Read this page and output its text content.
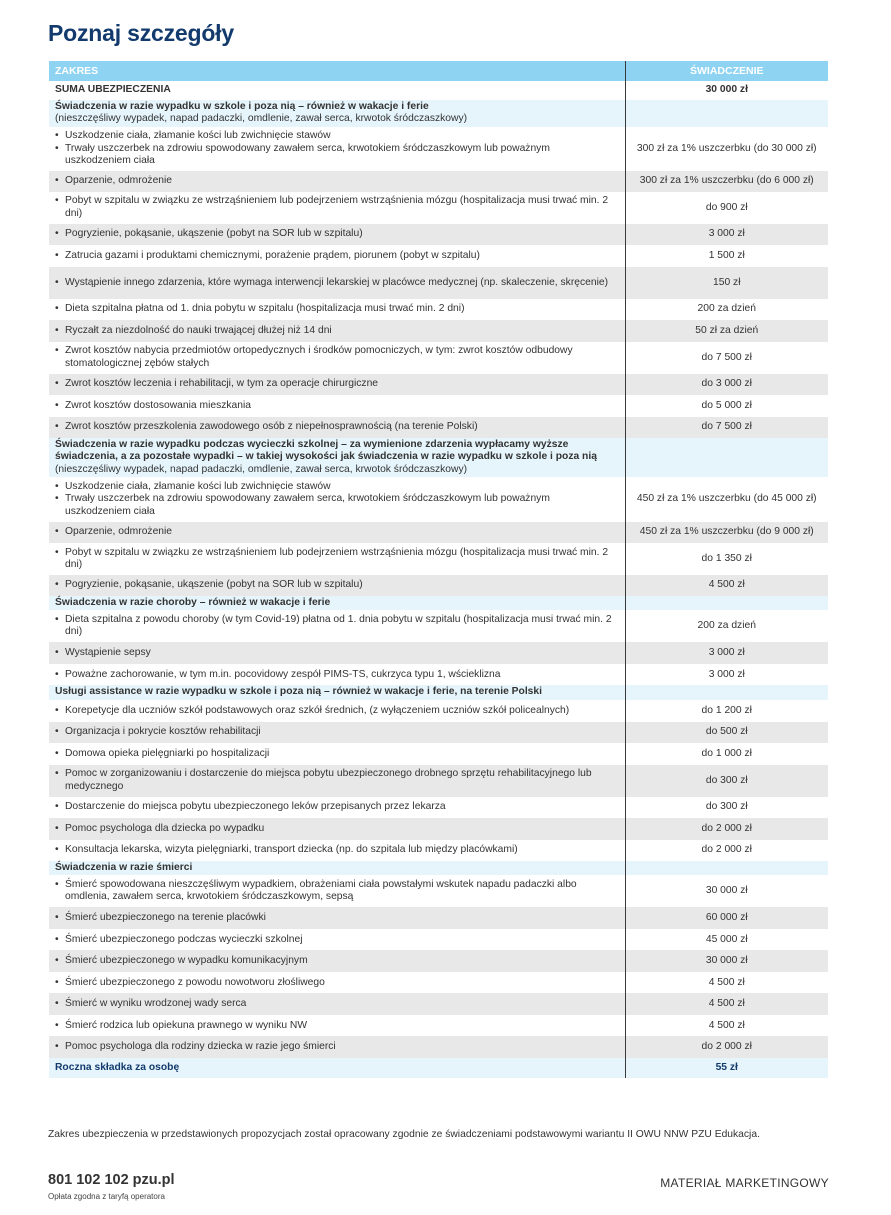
Poznaj szczegóły
ZAKRES	ŚWIADCZENIE
SUMA UBEZPIECZENIA	30 000 zł

Świadczenia w razie wypadku w szkole i poza nią – również w wakacje i ferie
(nieszczęśliwy wypadek, napad padaczki, omdlenie, zawał serca, krwotok śródczaszkowy)	

• Uszkodzenie ciała, złamanie kości lub zwichnięcie stawów
• Trwały uszczerbek na zdrowiu spowodowany zawałem serca, krwotokiem śródczaszkowym lub poważnym uszkodzeniem ciała	300 zł za 1% uszczerbku (do 30 000 zł)

• Oparzenie, odmrożenie	300 zł za 1% uszczerbku (do 6 000 zł)

• Pobyt w szpitalu w związku ze wstrząśnieniem lub podejrzeniem wstrząśnienia mózgu (hospitalizacja musi trwać min. 2 dni)	do 900 zł

• Pogryzienie, pokąsanie, ukąszenie (pobyt na SOR lub w szpitalu)	3 000 zł

• Zatrucia gazami i produktami chemicznymi, porażenie prądem, piorunem (pobyt w szpitalu)	1 500 zł

• Wystąpienie innego zdarzenia, które wymaga interwencji lekarskiej w placówce medycznej (np. skaleczenie, skręcenie)	150 zł

• Dieta szpitalna płatna od 1. dnia pobytu w szpitalu (hospitalizacja musi trwać min. 2 dni)	200 za dzień

• Ryczałt za niezdolność do nauki trwającej dłużej niż 14 dni	50 zł za dzień

• Zwrot kosztów nabycia przedmiotów ortopedycznych i środków pomocniczych, w tym: zwrot kosztów odbudowy stomatologicznej zębów stałych	do 7 500 zł

• Zwrot kosztów leczenia i rehabilitacji, w tym za operacje chirurgiczne	do 3 000 zł

• Zwrot kosztów dostosowania mieszkania	do 5 000 zł

• Zwrot kosztów przeszkolenia zawodowego osób z niepełnosprawnością (na terenie Polski)	do 7 500 zł

Świadczenia w razie wypadku podczas wycieczki szkolnej – za wymienione zdarzenia wypłacamy wyższe świadczenia, a za pozostałe wypadki – w takiej wysokości jak świadczenia w razie wypadku w szkole i poza nią
(nieszczęśliwy wypadek, napad padaczki, omdlenie, zawał serca, krwotok śródczaszkowy)	

• Uszkodzenie ciała, złamanie kości lub zwichnięcie stawów
• Trwały uszczerbek na zdrowiu spowodowany zawałem serca, krwotokiem śródczaszkowym lub poważnym uszkodzeniem ciała	450 zł za 1% uszczerbku (do 45 000 zł)

• Oparzenie, odmrożenie	450 zł za 1% uszczerbku (do 9 000 zł)

• Pobyt w szpitalu w związku ze wstrząśnieniem lub podejrzeniem wstrząśnienia mózgu (hospitalizacja musi trwać min. 2 dni)	do 1 350 zł

• Pogryzienie, pokąsanie, ukąszenie (pobyt na SOR lub w szpitalu)	4 500 zł

Świadczenia w razie choroby – również w wakacje i ferie	

• Dieta szpitalna z powodu choroby (w tym Covid-19) płatna od 1. dnia pobytu w szpitalu (hospitalizacja musi trwać min. 2 dni)	200 za dzień

• Wystąpienie sepsy	3 000 zł

• Poważne zachorowanie, w tym m.in. pocovidowy zespół PIMS-TS, cukrzyca typu 1, wścieklizna	3 000 zł

Usługi assistance w razie wypadku w szkole i poza nią – również w wakacje i ferie, na terenie Polski	

• Korepetycje dla uczniów szkół podstawowych oraz szkół średnich, (z wyłączeniem uczniów szkół policealnych)	do 1 200 zł

• Organizacja i pokrycie kosztów rehabilitacji	do 500 zł

• Domowa opieka pielęgniarki po hospitalizacji	do 1 000 zł

• Pomoc w zorganizowaniu i dostarczenie do miejsca pobytu ubezpieczonego drobnego sprzętu rehabilitacyjnego lub medycznego	do 300 zł

• Dostarczenie do miejsca pobytu ubezpieczonego leków przepisanych przez lekarza	do 300 zł

• Pomoc psychologa dla dziecka po wypadku	do 2 000 zł

• Konsultacja lekarska, wizyta pielęgniarki, transport dziecka (np. do szpitala lub między placówkami)	do 2 000 zł

Świadczenia w razie śmierci	

• Śmierć spowodowana nieszczęśliwym wypadkiem, obrażeniami ciała powstałymi wskutek napadu padaczki albo omdlenia, zawałem serca, krwotokiem śródczaszkowym, sepsą	30 000 zł

• Śmierć ubezpieczonego na terenie placówki	60 000 zł

• Śmierć ubezpieczonego podczas wycieczki szkolnej	45 000 zł

• Śmierć ubezpieczonego w wypadku komunikacyjnym	30 000 zł

• Śmierć ubezpieczonego z powodu nowotworu złośliwego	4 500 zł

• Śmierć w wyniku wrodzonej wady serca	4 500 zł

• Śmierć rodzica lub opiekuna prawnego w wyniku NW	4 500 zł

• Pomoc psychologa dla rodziny dziecka w razie jego śmierci	do 2 000 zł
Roczna składka za osobę	55 zł

Zakres ubezpieczenia w przedstawionych propozycjach został opracowany zgodnie ze świadczeniami podstawowymi wariantu II OWU NNW PZU Edukacja.

801 102 102 pzu.pl
Opłata zgodna z taryfą operatora
MATERIAŁ MARKETINGOWY
